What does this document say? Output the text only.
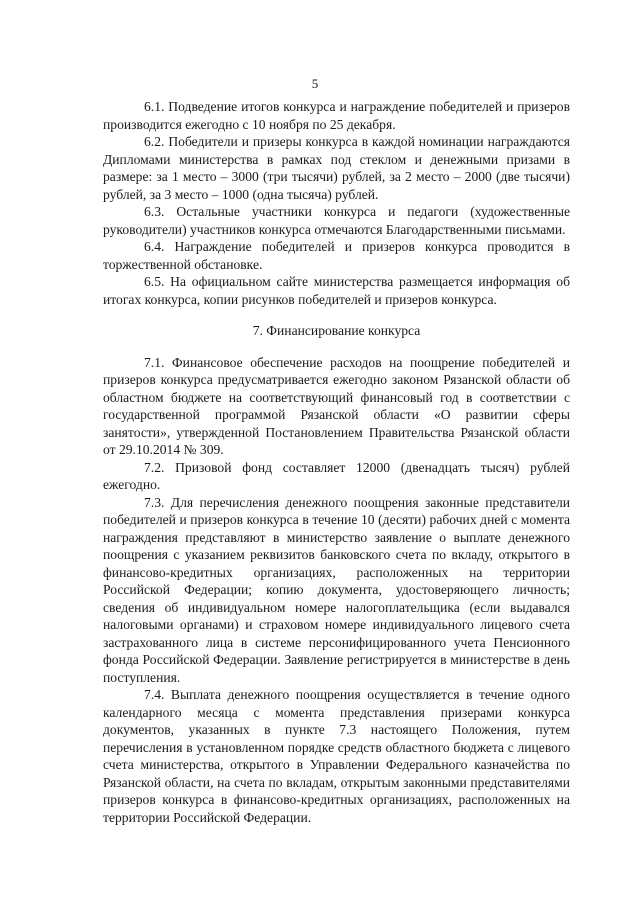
5

6.1. Подведение итогов конкурса и награждение победителей и призеров производится ежегодно с 10 ноября по 25 декабря.

6.2. Победители и призеры конкурса в каждой номинации награждаются Дипломами министерства в рамках под стеклом и денежными призами в размере: за 1 место – 3000 (три тысячи) рублей, за 2 место – 2000 (две тысячи) рублей, за 3 место – 1000 (одна тысяча) рублей.

6.3. Остальные участники конкурса и педагоги (художественные руководители) участников конкурса отмечаются Благодарственными письмами.

6.4. Награждение победителей и призеров конкурса проводится в торжественной обстановке.

6.5. На официальном сайте министерства размещается информация об итогах конкурса, копии рисунков победителей и призеров конкурса.

7. Финансирование конкурса

7.1. Финансовое обеспечение расходов на поощрение победителей и призеров конкурса предусматривается ежегодно законом Рязанской области об областном бюджете на соответствующий финансовый год в соответствии с государственной программой Рязанской области «О развитии сферы занятости», утвержденной Постановлением Правительства Рязанской области от 29.10.2014 № 309.

7.2. Призовой фонд составляет 12000 (двенадцать тысяч) рублей ежегодно.

7.3. Для перечисления денежного поощрения законные представители победителей и призеров конкурса в течение 10 (десяти) рабочих дней с момента награждения представляют в министерство заявление о выплате денежного поощрения с указанием реквизитов банковского счета по вкладу, открытого в финансово-кредитных организациях, расположенных на территории Российской Федерации; копию документа, удостоверяющего личность; сведения об индивидуальном номере налогоплательщика (если выдавался налоговыми органами) и страховом номере индивидуального лицевого счета застрахованного лица в системе персонифицированного учета Пенсионного фонда Российской Федерации. Заявление регистрируется в министерстве в день поступления.

7.4. Выплата денежного поощрения осуществляется в течение одного календарного месяца с момента представления призерами конкурса документов, указанных в пункте 7.3 настоящего Положения, путем перечисления в установленном порядке средств областного бюджета с лицевого счета министерства, открытого в Управлении Федерального казначейства по Рязанской области, на счета по вкладам, открытым законными представителями призеров конкурса в финансово-кредитных организациях, расположенных на территории Российской Федерации.
